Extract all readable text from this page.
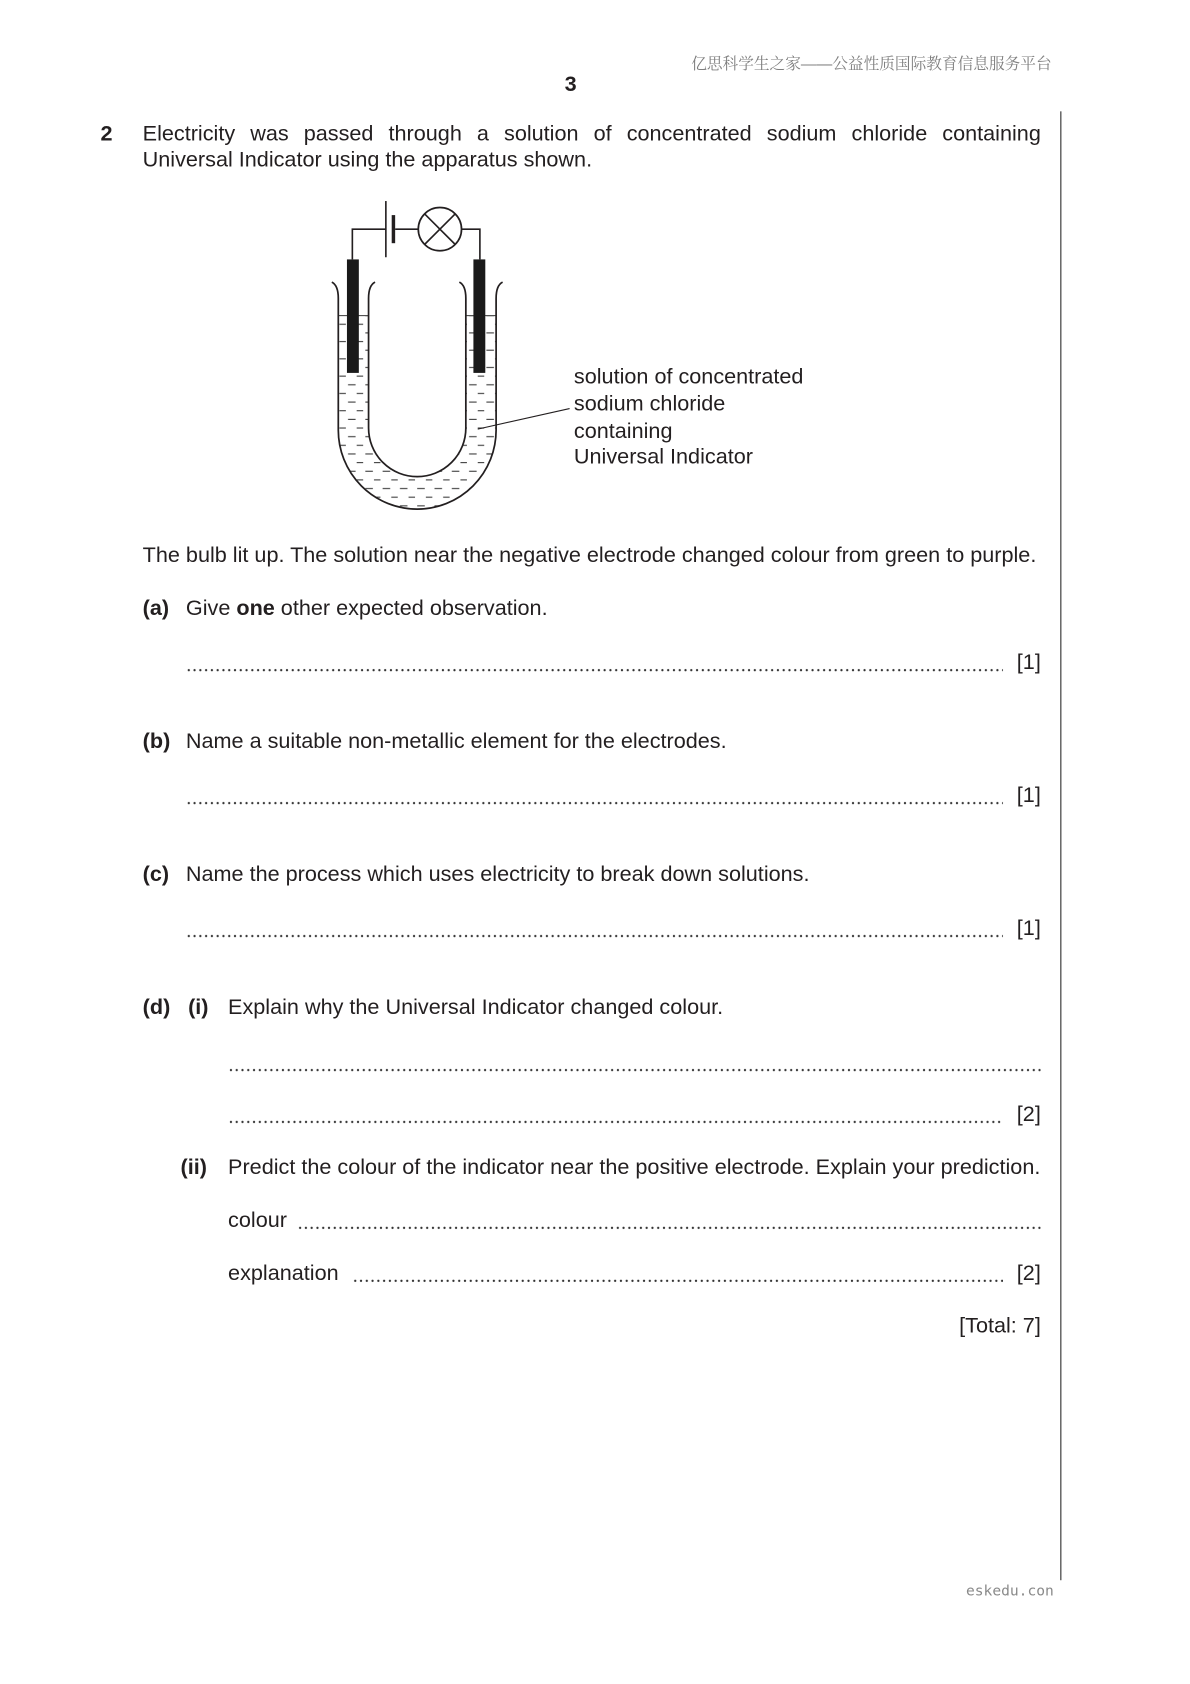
亿思科学生之家——公益性质国际教育信息服务平台
3
2 Electricity was passed through a solution of concentrated sodium chloride containing
Universal Indicator using the apparatus shown.
solution of concentrated
sodium chloride
containing
Universal Indicator
The bulb lit up. The solution near the negative electrode changed colour from green to purple.
(a) Give one other expected observation.
[1]
(b) Name a suitable non-metallic element for the electrodes.
[1]
(c) Name the process which uses electricity to break down solutions.
[1]
(d) (i) Explain why the Universal Indicator changed colour.
[2]
(ii) Predict the colour of the indicator near the positive electrode. Explain your prediction.
colour
explanation	[2]
[Total: 7]
eskedu.con
